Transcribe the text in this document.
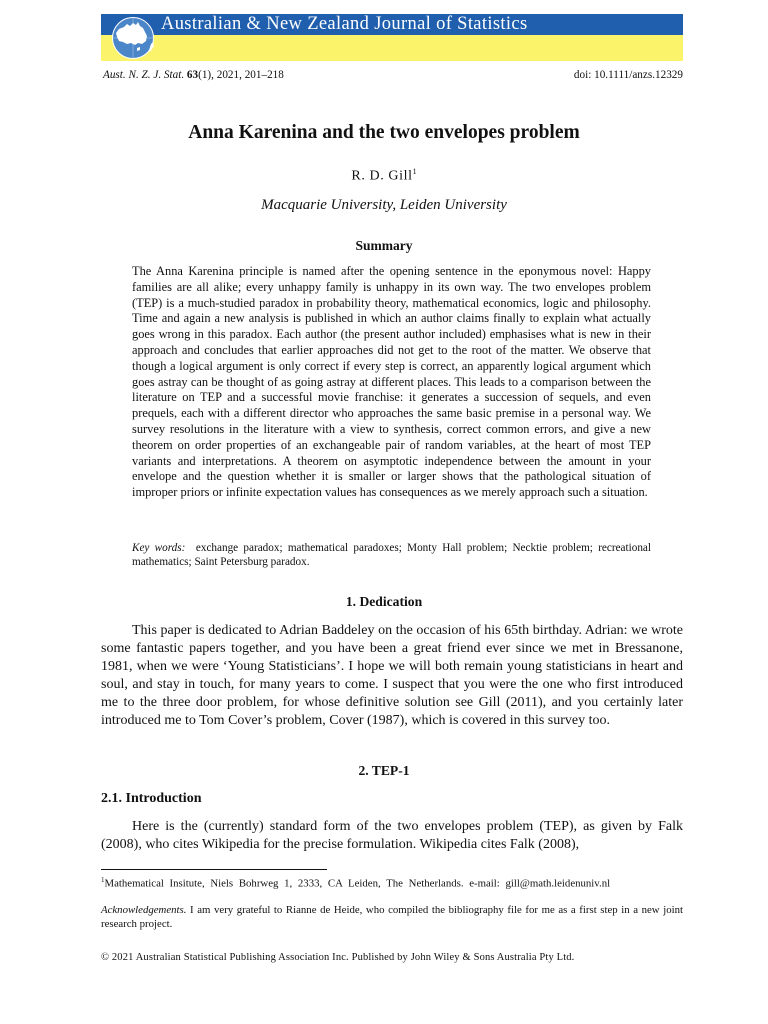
Australian & New Zealand Journal of Statistics
Aust. N. Z. J. Stat. 63(1), 2021, 201–218	doi: 10.1111/anzs.12329
Anna Karenina and the two envelopes problem
R. D. Gill$^1$
Macquarie University, Leiden University
Summary

The Anna Karenina principle is named after the opening sentence in the eponymous novel: Happy families are all alike; every unhappy family is unhappy in its own way. The two envelopes problem (TEP) is a much-studied paradox in probability theory, mathematical economics, logic and philosophy. Time and again a new analysis is published in which an author claims finally to explain what actually goes wrong in this paradox. Each author (the present author included) emphasises what is new in their approach and concludes that earlier approaches did not get to the root of the matter. We observe that though a logical argument is only correct if every step is correct, an apparently logical argument which goes astray can be thought of as going astray at different places. This leads to a comparison between the literature on TEP and a successful movie franchise: it generates a succession of sequels, and even prequels, each with a different director who approaches the same basic premise in a personal way. We survey resolutions in the literature with a view to synthesis, correct common errors, and give a new theorem on order properties of an exchangeable pair of random variables, at the heart of most TEP variants and interpretations. A theorem on asymptotic independence between the amount in your envelope and the question whether it is smaller or larger shows that the pathological situation of improper priors or infinite expectation values has consequences as we merely approach such a situation.

Key words: exchange paradox; mathematical paradoxes; Monty Hall problem; Necktie problem; recreational mathematics; Saint Petersburg paradox.

1. Dedication

This paper is dedicated to Adrian Baddeley on the occasion of his 65th birthday. Adrian: we wrote some fantastic papers together, and you have been a great friend ever since we met in Bressanone, 1981, when we were ‘Young Statisticians’. I hope we will both remain young statisticians in heart and soul, and stay in touch, for many years to come. I suspect that you were the one who first introduced me to the three door problem, for whose definitive solution see Gill (2011), and you certainly later introduced me to Tom Cover’s problem, Cover (1987), which is covered in this survey too.

2. TEP-1
2.1. Introduction

Here is the (currently) standard form of the two envelopes problem (TEP), as given by Falk (2008), who cites Wikipedia for the precise formulation. Wikipedia cites Falk (2008),

$^1$Mathematical Insitute, Niels Bohrweg 1, 2333, CA Leiden, The Netherlands. e-mail: gill@math.leidenuniv.nl

Acknowledgements. I am very grateful to Rianne de Heide, who compiled the bibliography file for me as a first step in a new joint research project.

© 2021 Australian Statistical Publishing Association Inc. Published by John Wiley & Sons Australia Pty Ltd.
